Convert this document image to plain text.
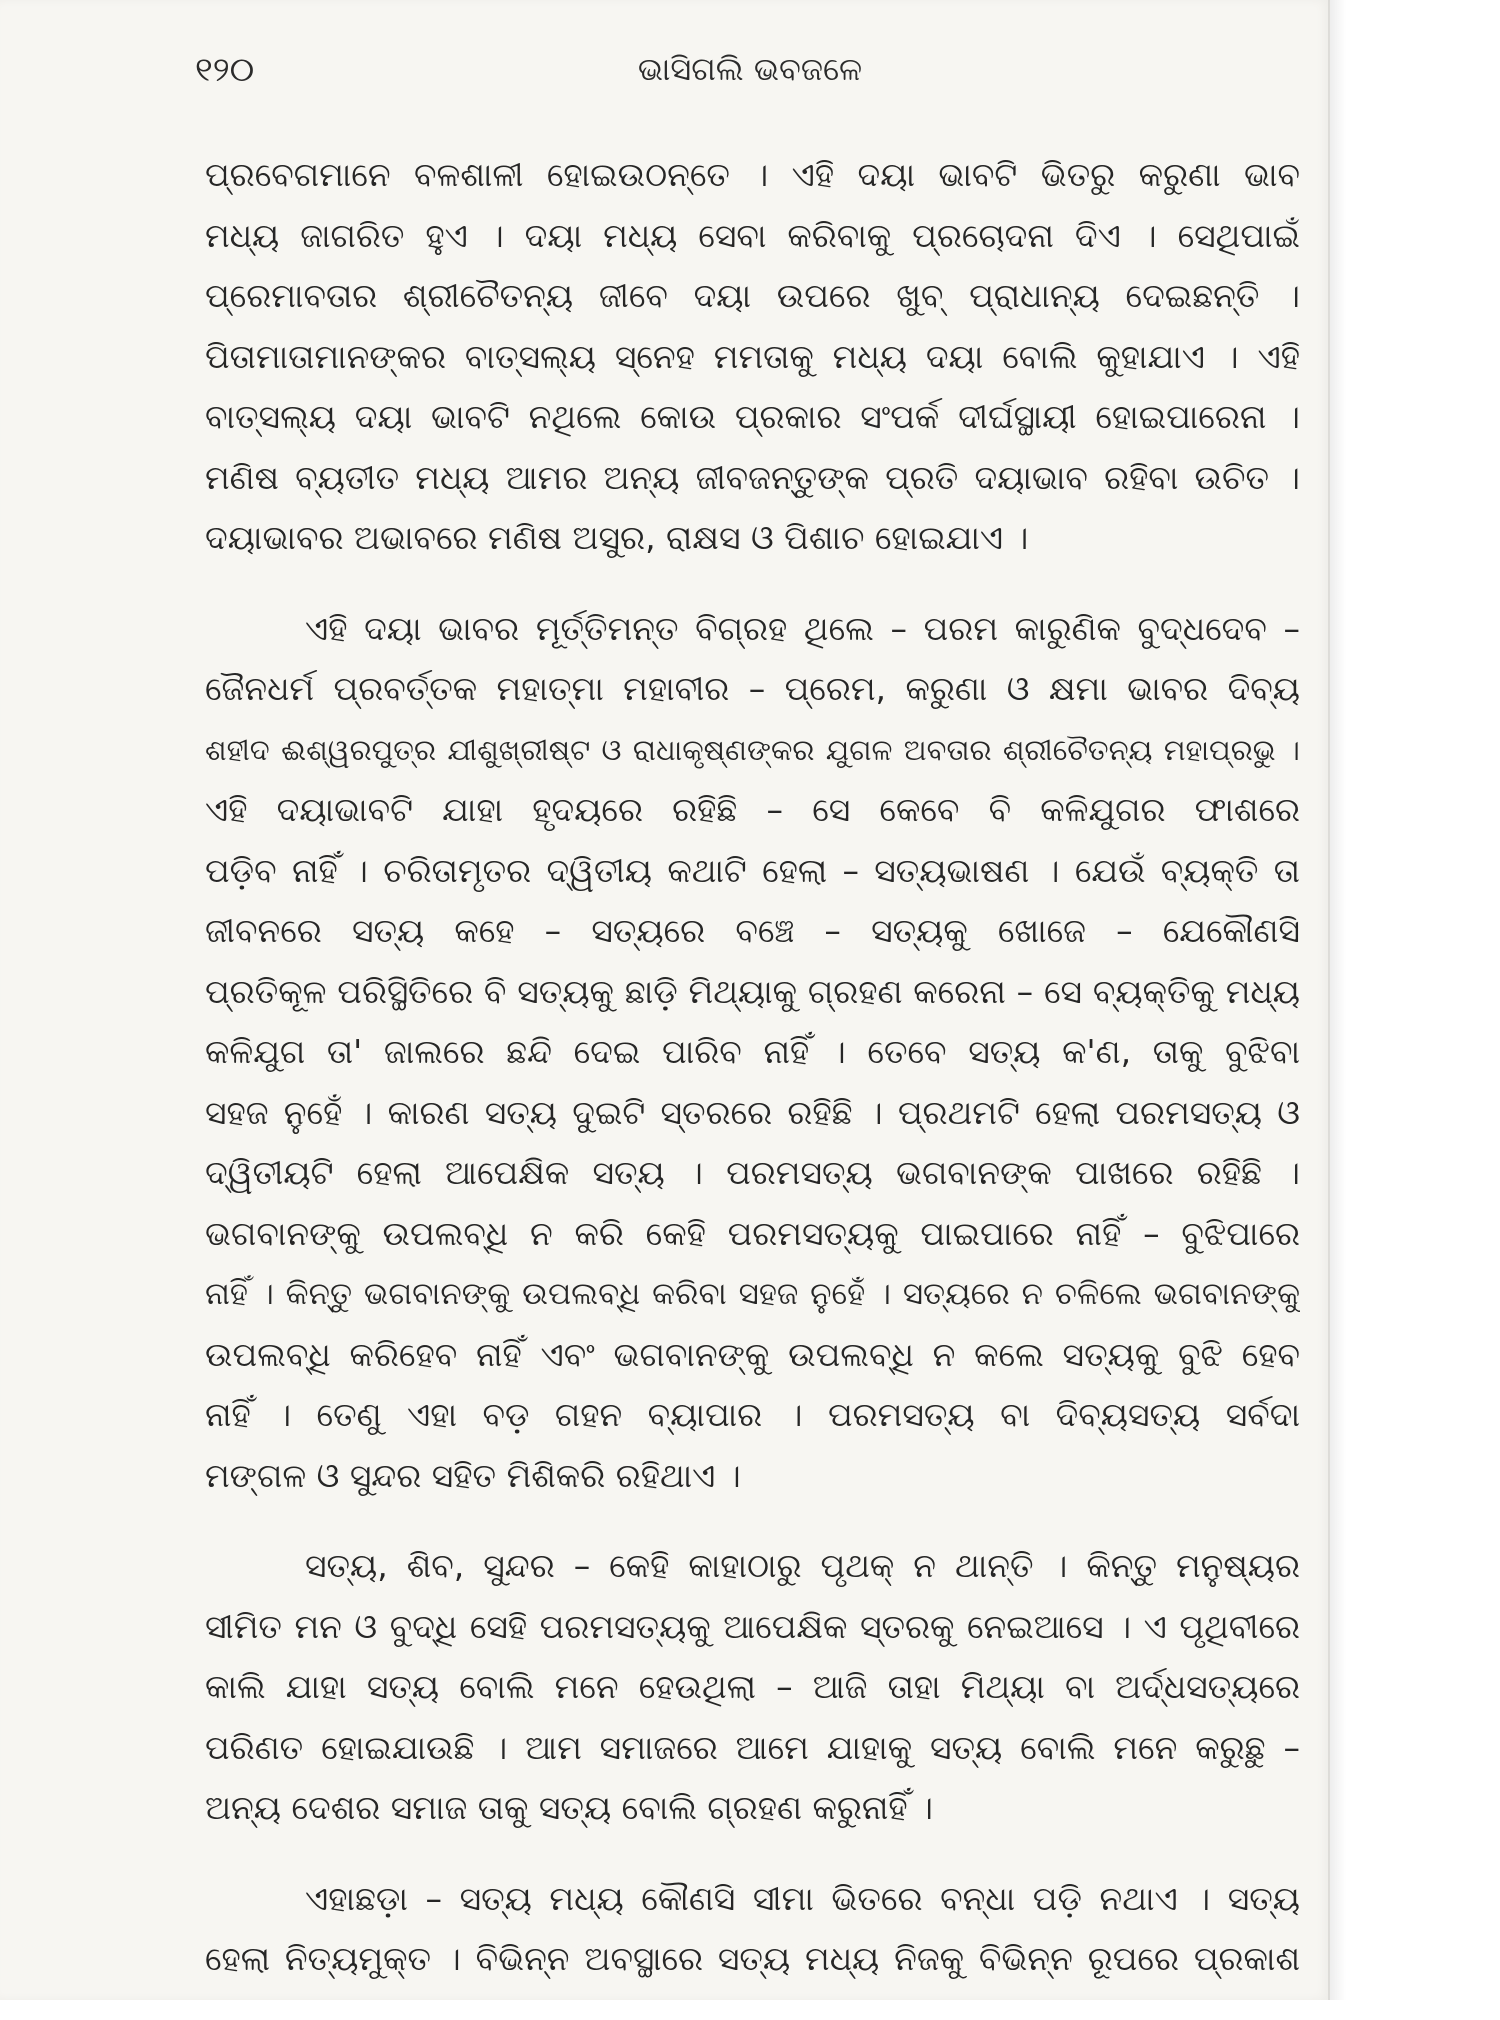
୧୨୦	ଭାସିଗଲି ଭବଜଳେ
ପ୍ରବେଗମାନେ ବଳଶାଳୀ ହୋଇଉଠନ୍ତେ । ଏହି ଦୟା ଭାବଟି ଭିତରୁ କରୁଣା ଭାବ
ମଧ୍ୟ ଜାଗରିତ ହୁଏ । ଦୟା ମଧ୍ୟ ସେବା କରିବାକୁ ପ୍ରଚୋଦନା ଦିଏ । ସେଥିପାଇଁ
ପ୍ରେମାବତାର ଶ୍ରୀଚୈତନ୍ୟ ଜୀବେ ଦୟା ଉପରେ ଖୁବ୍ ପ୍ରାଧାନ୍ୟ ଦେଇଛନ୍ତି ।
ପିତାମାତାମାନଙ୍କର ବାତ୍ସଲ୍ୟ ସ୍ନେହ ମମତାକୁ ମଧ୍ୟ ଦୟା ବୋଲି କୁହାଯାଏ । ଏହି
ବାତ୍ସଲ୍ୟ ଦୟା ଭାବଟି ନଥିଲେ କୋଉ ପ୍ରକାର ସଂପର୍କ ଦୀର୍ଘସ୍ଥାୟୀ ହୋଇପାରେନା ।
ମଣିଷ ବ୍ୟତୀତ ମଧ୍ୟ ଆମର ଅନ୍ୟ ଜୀବଜନ୍ତୁଙ୍କ ପ୍ରତି ଦୟାଭାବ ରହିବା ଉଚିତ ।
ଦୟାଭାବର ଅଭାବରେ ମଣିଷ ଅସୁର, ରାକ୍ଷସ ଓ ପିଶାଚ ହୋଇଯାଏ ।
ଏହି ଦୟା ଭାବର ମୂର୍ତ୍ତିମନ୍ତ ବିଗ୍ରହ ଥିଲେ – ପରମ କାରୁଣିକ ବୁଦ୍ଧଦେବ –
ଜୈନଧର୍ମ ପ୍ରବର୍ତ୍ତକ ମହାତ୍ମା ମହାବୀର – ପ୍ରେମ, କରୁଣା ଓ କ୍ଷମା ଭାବର ଦିବ୍ୟ
ଶହୀଦ ଈଶ୍ୱରପୁତ୍ର ଯୀଶୁଖ୍ରୀଷ୍ଟ ଓ ରାଧାକୃଷ୍ଣଙ୍କର ଯୁଗଳ ଅବତାର ଶ୍ରୀଚୈତନ୍ୟ ମହାପ୍ରଭୁ ।
ଏହି ଦୟାଭାବଟି ଯାହା ହୃଦୟରେ ରହିଛି – ସେ କେବେ ବି କଳିଯୁଗର ଫାଶରେ
ପଡ଼ିବ ନାହିଁ । ଚରିତାମୃତର ଦ୍ୱିତୀୟ କଥାଟି ହେଲା – ସତ୍ୟଭାଷଣ । ଯେଉଁ ବ୍ୟକ୍ତି ତା
ଜୀବନରେ ସତ୍ୟ କହେ – ସତ୍ୟରେ ବଞ୍ଚେ – ସତ୍ୟକୁ ଖୋଜେ – ଯେକୌଣସି
ପ୍ରତିକୂଳ ପରିସ୍ଥିତିରେ ବି ସତ୍ୟକୁ ଛାଡ଼ି ମିଥ୍ୟାକୁ ଗ୍ରହଣ କରେନା – ସେ ବ୍ୟକ୍ତିକୁ ମଧ୍ୟ
କଳିଯୁଗ ତା' ଜାଲରେ ଛନ୍ଦି ଦେଇ ପାରିବ ନାହିଁ । ତେବେ ସତ୍ୟ କ'ଣ, ତାକୁ ବୁଝିବା
ସହଜ ନୁହେଁ । କାରଣ ସତ୍ୟ ଦୁଇଟି ସ୍ତରରେ ରହିଛି । ପ୍ରଥମଟି ହେଲା ପରମସତ୍ୟ ଓ
ଦ୍ୱିତୀୟଟି ହେଲା ଆପେକ୍ଷିକ ସତ୍ୟ । ପରମସତ୍ୟ ଭଗବାନଙ୍କ ପାଖରେ ରହିଛି ।
ଭଗବାନଙ୍କୁ ଉପଲବ୍ଧି ନ କରି କେହି ପରମସତ୍ୟକୁ ପାଇପାରେ ନାହିଁ – ବୁଝିପାରେ
ନାହିଁ । କିନ୍ତୁ ଭଗବାନଙ୍କୁ ଉପଲବ୍ଧି କରିବା ସହଜ ନୁହେଁ । ସତ୍ୟରେ ନ ଚଳିଲେ ଭଗବାନଙ୍କୁ
ଉପଲବ୍ଧି କରିହେବ ନାହିଁ ଏବଂ ଭଗବାନଙ୍କୁ ଉପଲବ୍ଧି ନ କଲେ ସତ୍ୟକୁ ବୁଝି ହେବ
ନାହିଁ । ତେଣୁ ଏହା ବଡ଼ ଗହନ ବ୍ୟାପାର । ପରମସତ୍ୟ ବା ଦିବ୍ୟସତ୍ୟ ସର୍ବଦା
ମଙ୍ଗଳ ଓ ସୁନ୍ଦର ସହିତ ମିଶିକରି ରହିଥାଏ ।
ସତ୍ୟ, ଶିବ, ସୁନ୍ଦର – କେହି କାହାଠାରୁ ପୃଥକ୍ ନ ଥାନ୍ତି । କିନ୍ତୁ ମନୁଷ୍ୟର
ସୀମିତ ମନ ଓ ବୁଦ୍ଧି ସେହି ପରମସତ୍ୟକୁ ଆପେକ୍ଷିକ ସ୍ତରକୁ ନେଇଆସେ । ଏ ପୃଥିବୀରେ
କାଲି ଯାହା ସତ୍ୟ ବୋଲି ମନେ ହେଉଥିଲା – ଆଜି ତାହା ମିଥ୍ୟା ବା ଅର୍ଦ୍ଧସତ୍ୟରେ
ପରିଣତ ହୋଇଯାଉଛି । ଆମ ସମାଜରେ ଆମେ ଯାହାକୁ ସତ୍ୟ ବୋଲି ମନେ କରୁଛୁ –
ଅନ୍ୟ ଦେଶର ସମାଜ ତାକୁ ସତ୍ୟ ବୋଲି ଗ୍ରହଣ କରୁନାହିଁ ।
ଏହାଛଡ଼ା – ସତ୍ୟ ମଧ୍ୟ କୌଣସି ସୀମା ଭିତରେ ବନ୍ଧା ପଡ଼ି ନଥାଏ । ସତ୍ୟ
ହେଲା ନିତ୍ୟମୁକ୍ତ । ବିଭିନ୍ନ ଅବସ୍ଥାରେ ସତ୍ୟ ମଧ୍ୟ ନିଜକୁ ବିଭିନ୍ନ ରୂପରେ ପ୍ରକାଶ
